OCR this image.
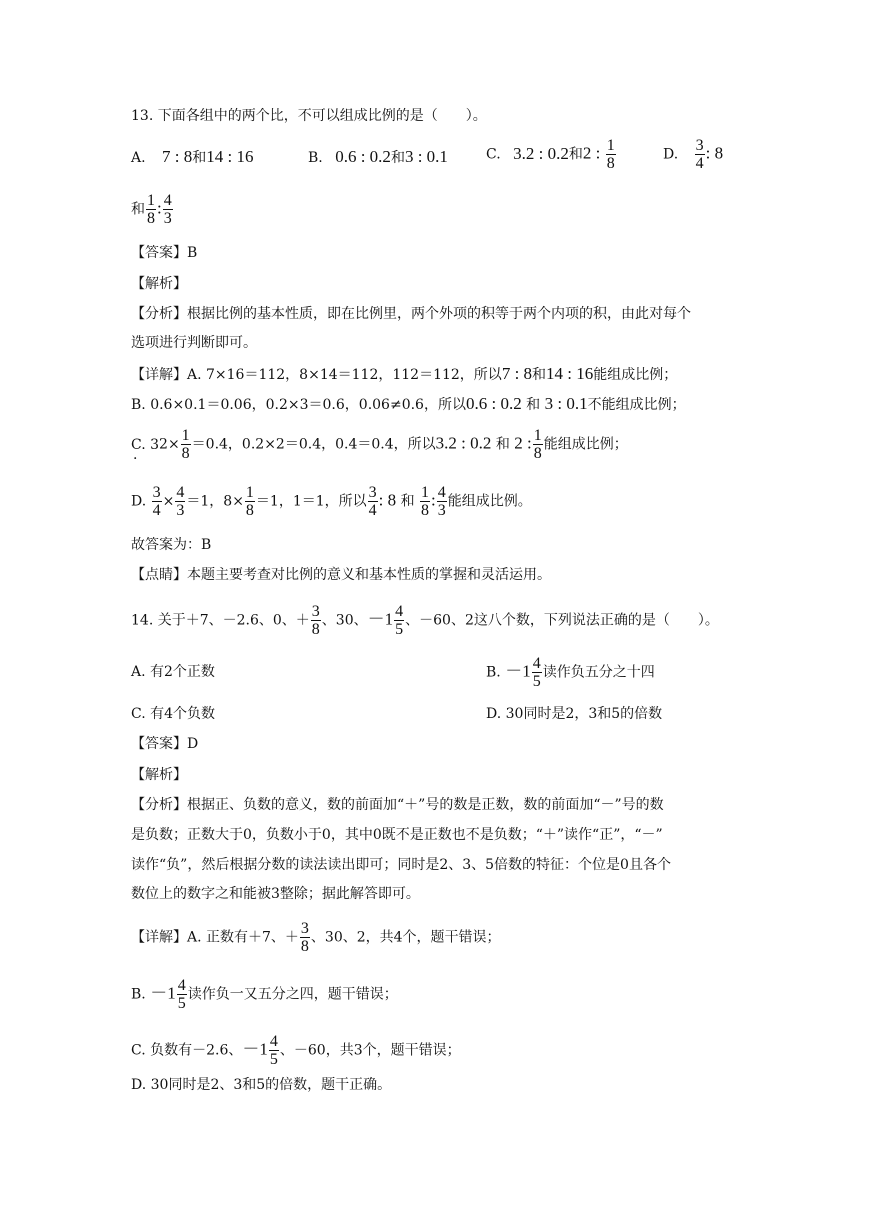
13. 下面各组中的两个比，不可以组成比例的是（　　）。
A. 7 : 8和14 : 16	B. 0.6 : 0.2和3 : 0.1	C. 3.2 : 0.2和2 : $\frac{1}{8}$	D. $\frac{3}{4}$ : 8
和 $\frac{1}{8}$ : $\frac{4}{3}$
【答案】B
【解析】
【分析】根据比例的基本性质，即在比例里，两个外项的积等于两个内项的积，由此对每个
选项进行判断即可。
【详解】A. 7×16＝112，8×14＝112，112＝112，所以7 : 8和14 : 16能组成比例；
B. 0.6×0.1＝0.06，0.2×3＝0.6，0.06≠0.6，所以0.6 : 0.2 和 3 : 0.1不能组成比例；
C. $3 \cdot 2\times \frac{1}{8} =0.4$，0.2×2＝0.4，0.4＝0.4，所以3.2 : 0.2 和 2 : $\frac{1}{8}$ 能组成比例；
D. $\frac{3}{4} \times \frac{4}{3} =1$，$8\times \frac{1}{8} =1$，1＝1，所以 $\frac{3}{4}$ : 8 和 $\frac{1}{8}$ : $\frac{4}{3}$ 能组成比例。
故答案为：B
【点睛】本题主要考查对比例的意义和基本性质的掌握和灵活运用。
14. 关于＋7、－2.6、0、＋ $\frac{3}{8}$ 、30、$-1 \frac{4}{5}$ 、－60、2这八个数，下列说法正确的是（　　）。
A. 有2个正数	B. $-1 \frac{4}{5}$ 读作负五分之十四
C. 有4个负数	D. 30同时是2，3和5的倍数
【答案】D
【解析】
【分析】根据正、负数的意义，数的前面加“＋”号的数是正数，数的前面加“－”号的数
是负数；正数大于0，负数小于0，其中0既不是正数也不是负数；“＋”读作“正”，“－”
读作“负”，然后根据分数的读法读出即可；同时是2、3、5倍数的特征：个位是0且各个
数位上的数字之和能被3整除；据此解答即可。
【详解】A. 正数有＋7、＋ $\frac{3}{8}$ 、30、2，共4个，题干错误；
B. $-1 \frac{4}{5}$ 读作负一又五分之四，题干错误；
C. 负数有－2.6、$-1 \frac{4}{5}$ 、－60，共3个，题干错误；
D. 30同时是2、3和5的倍数，题干正确。
